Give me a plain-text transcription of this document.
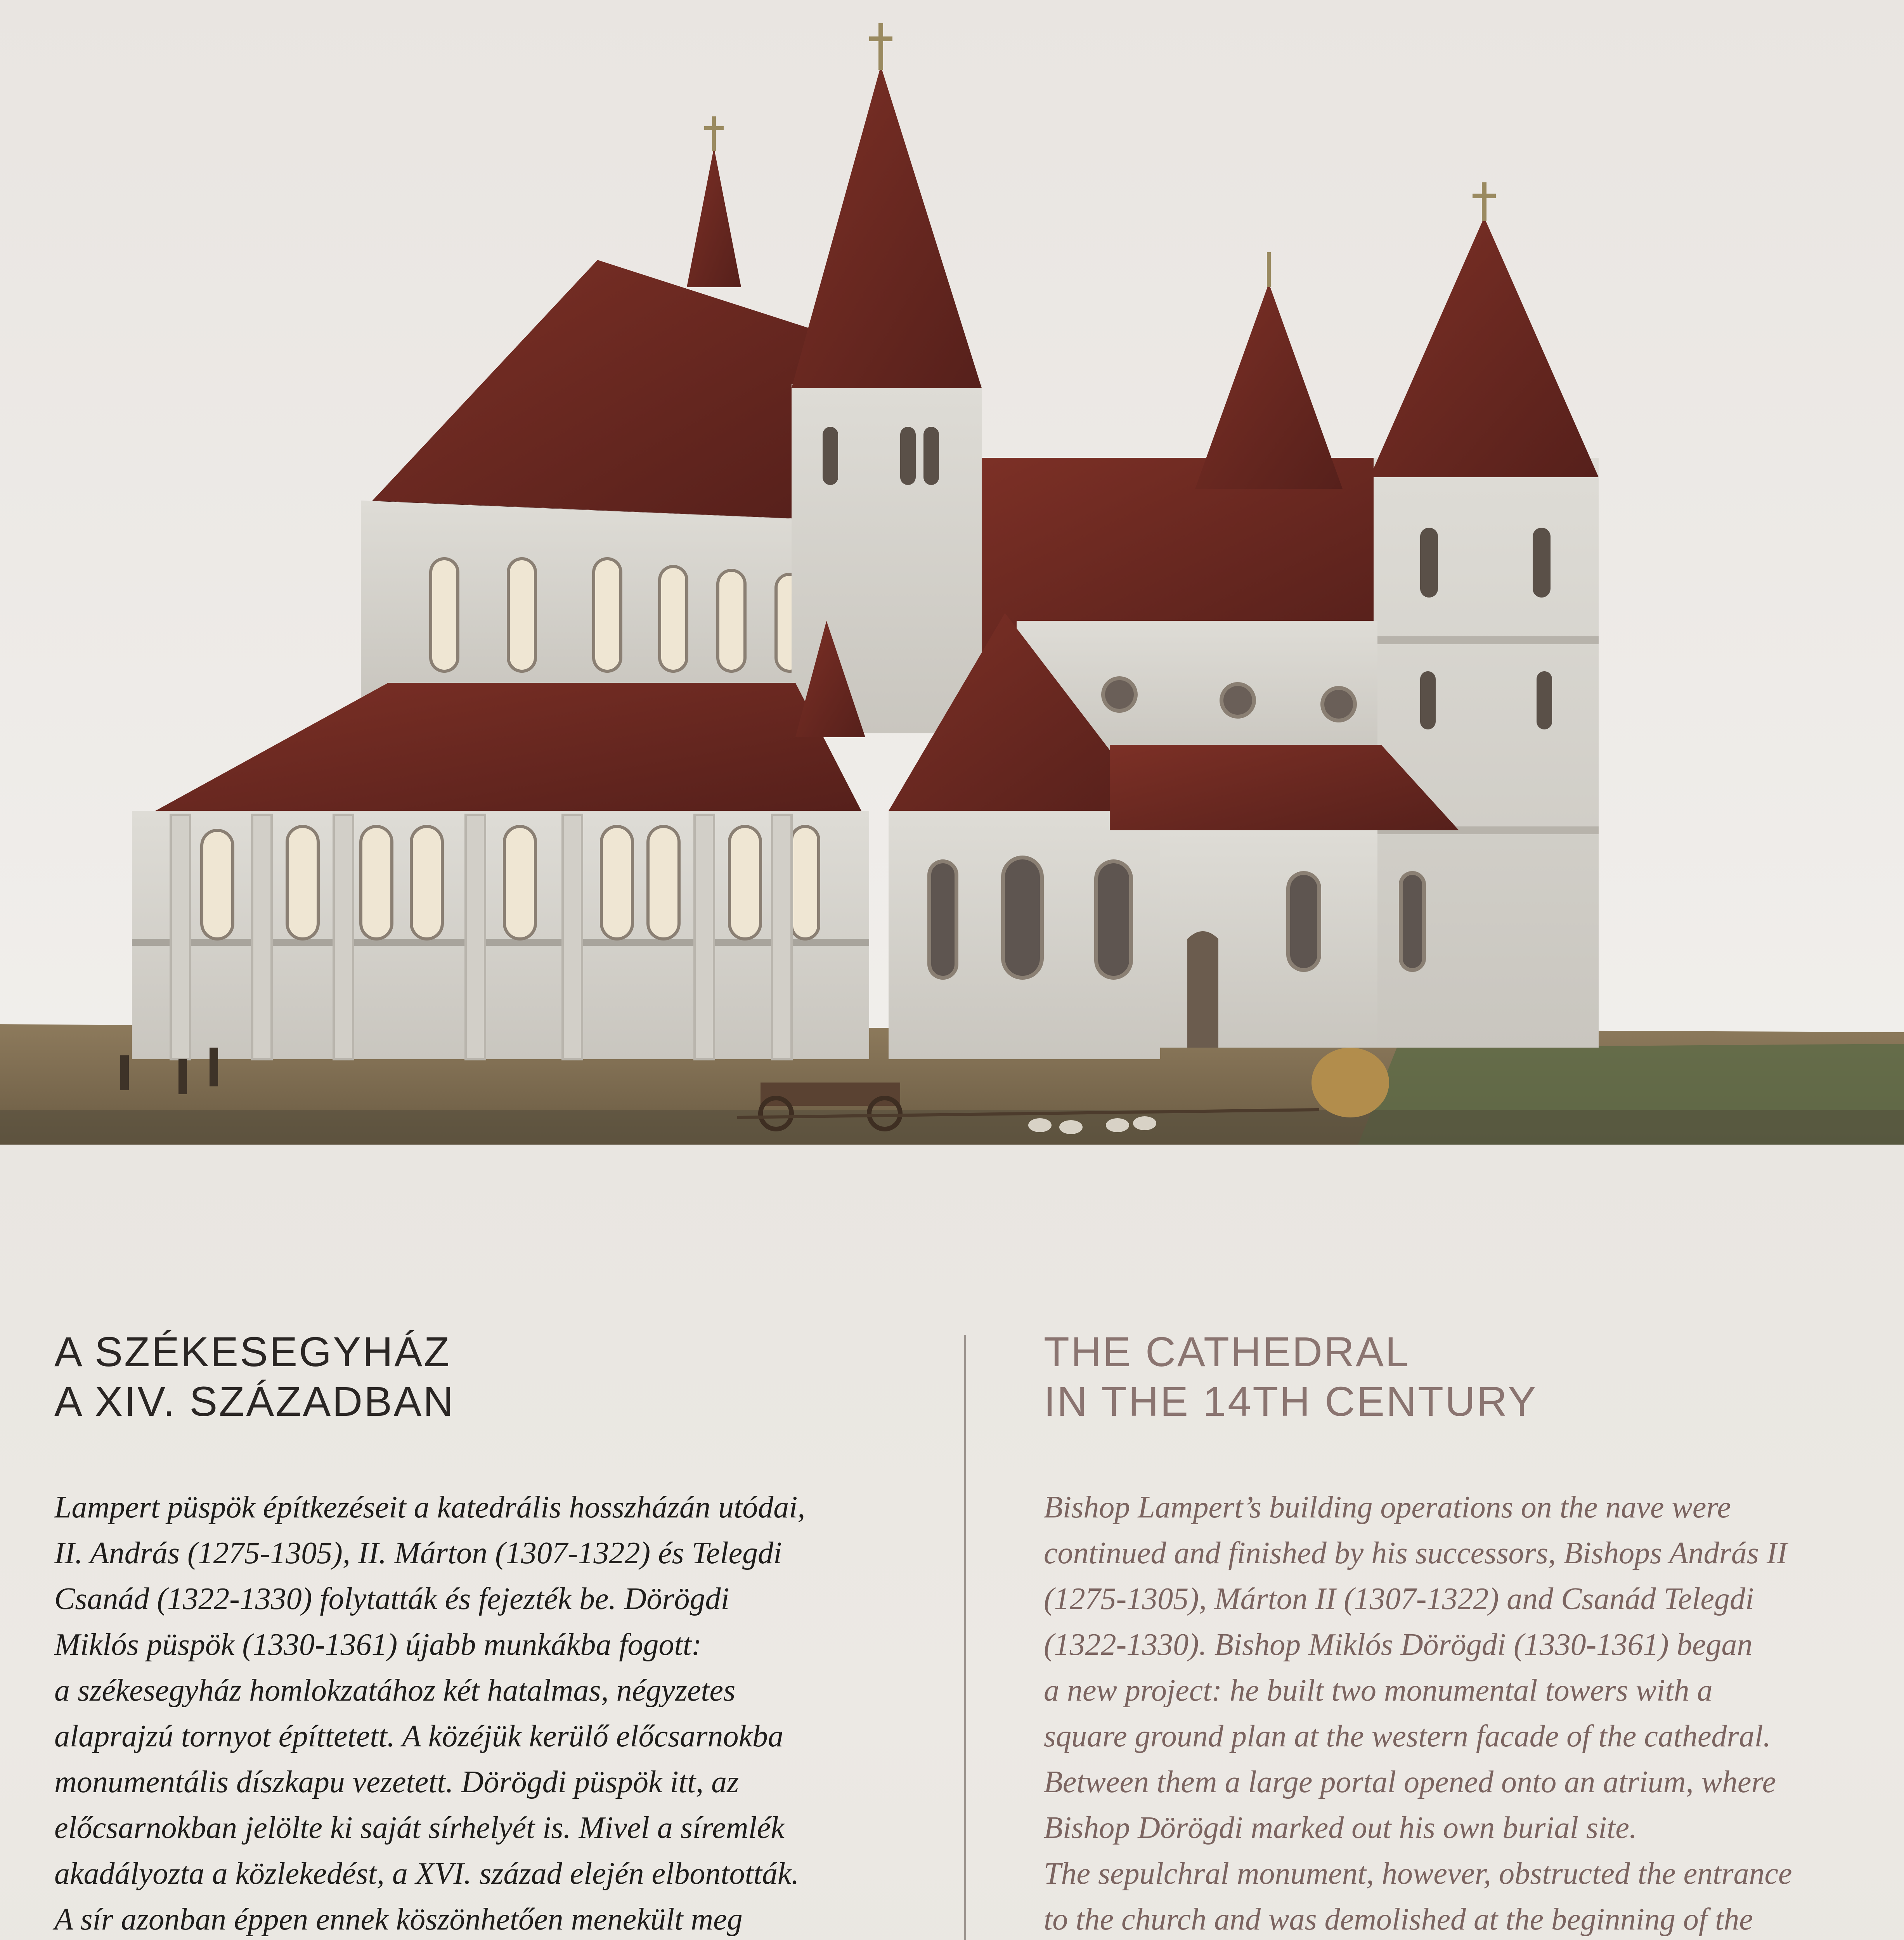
A SZÉKESEGYHÁZ
A XIV. SZÁZADBAN

Lampert püspök építkezéseit a katedrális hosszházán utódai,
II. András (1275-1305), II. Márton (1307-1322) és Telegdi
Csanád (1322-1330) folytatták és fejezték be. Dörögdi
Miklós püspök (1330-1361) újabb munkákba fogott:
a székesegyház homlokzatához két hatalmas, négyzetes
alaprajzú tornyot építtetett. A közéjük kerülő előcsarnokba
monumentális díszkapu vezetett. Dörögdi püspök itt, az
előcsarnokban jelölte ki saját sírhelyét is. Mivel a síremlék
akadályozta a közlekedést, a XVI. század elején elbontották.
A sír azonban éppen ennek köszönhetően menekült meg

THE CATHEDRAL
IN THE 14TH CENTURY

Bishop Lampert’s building operations on the nave were
continued and finished by his successors, Bishops András II
(1275-1305), Márton II (1307-1322) and Csanád Telegdi
(1322-1330). Bishop Miklós Dörögdi (1330-1361) began
a new project: he built two monumental towers with a
square ground plan at the western facade of the cathedral.
Between them a large portal opened onto an atrium, where
Bishop Dörögdi marked out his own burial site.
The sepulchral monument, however, obstructed the entrance
to the church and was demolished at the beginning of the
